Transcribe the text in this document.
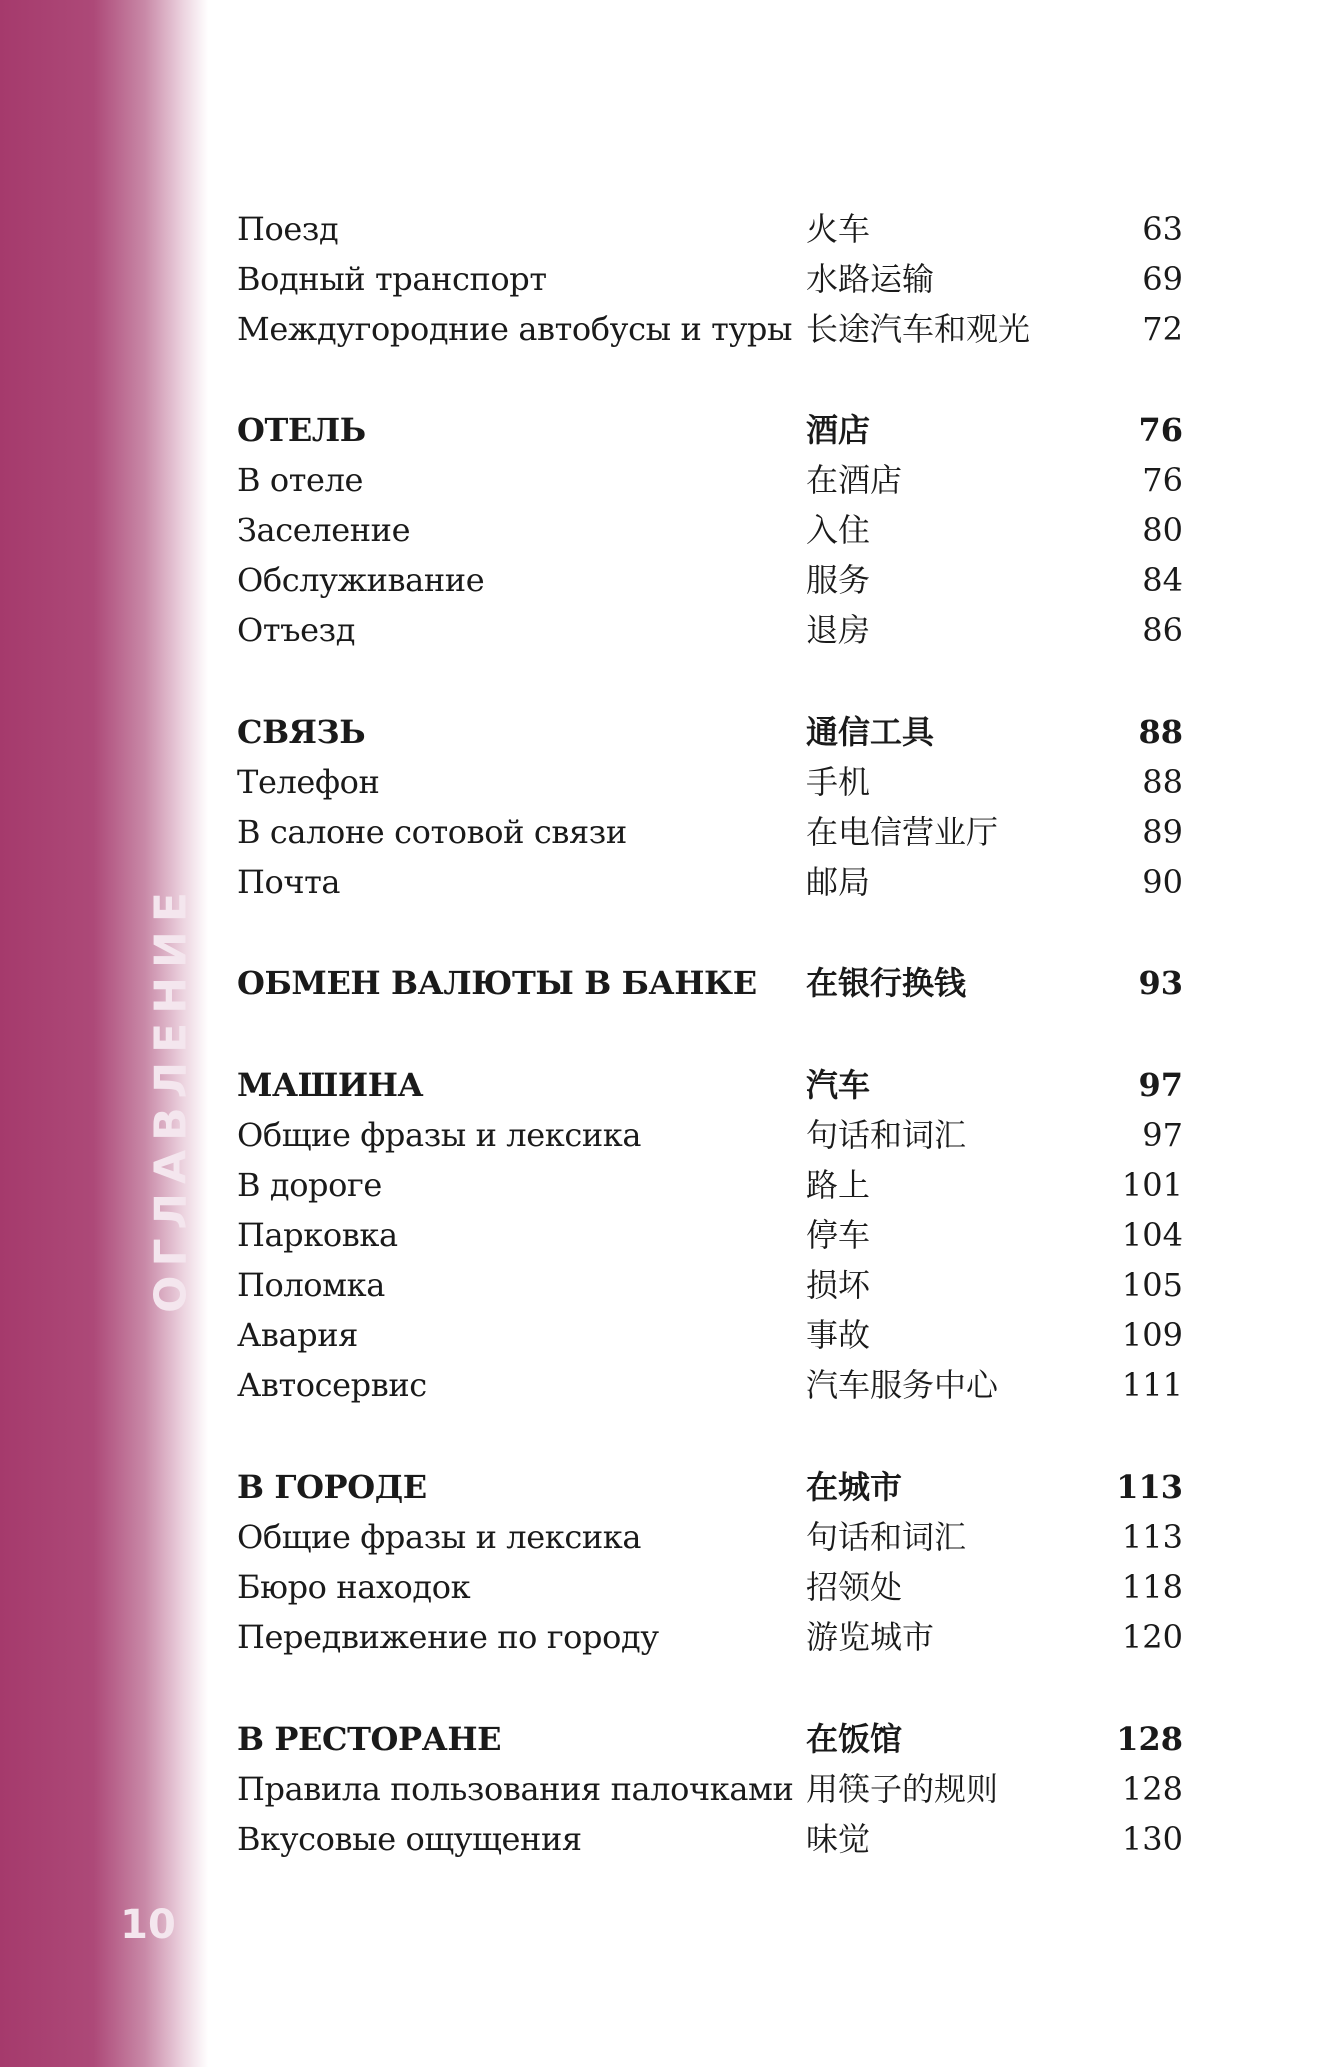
ОГЛАВЛЕНИЕ
10
Поезд	火车	63
Водный транспорт	水路运输	69
Междугородние автобусы и туры 长途汽车和观光	72
ОТЕЛЬ	酒店	76
В отеле	在酒店	76
Заселение	入住	80
Обслуживание	服务	84
Отъезд	退房	86
СВЯЗЬ	通信工具	88
Телефон	手机	88
В салоне сотовой связи	在电信营业厅	89
Почта	邮局	90
ОБМЕН ВАЛЮТЫ В БАНКЕ 在银行换钱	93
МАШИНА	汽车	97
Общие фразы и лексика	句话和词汇	97
В дороге	路上	101
Парковка	停车	104
Поломка	损坏	105
Авария	事故	109
Автосервис	汽车服务中心	111
В ГОРОДЕ	在城市	113
Общие фразы и лексика	句话和词汇	113
Бюро находок	招领处	118
Передвижение по городу	游览城市	120
В РЕСТОРАНЕ	在饭馆	128
Правила пользования палочками 用筷子的规则	128
Вкусовые ощущения	味觉	130
